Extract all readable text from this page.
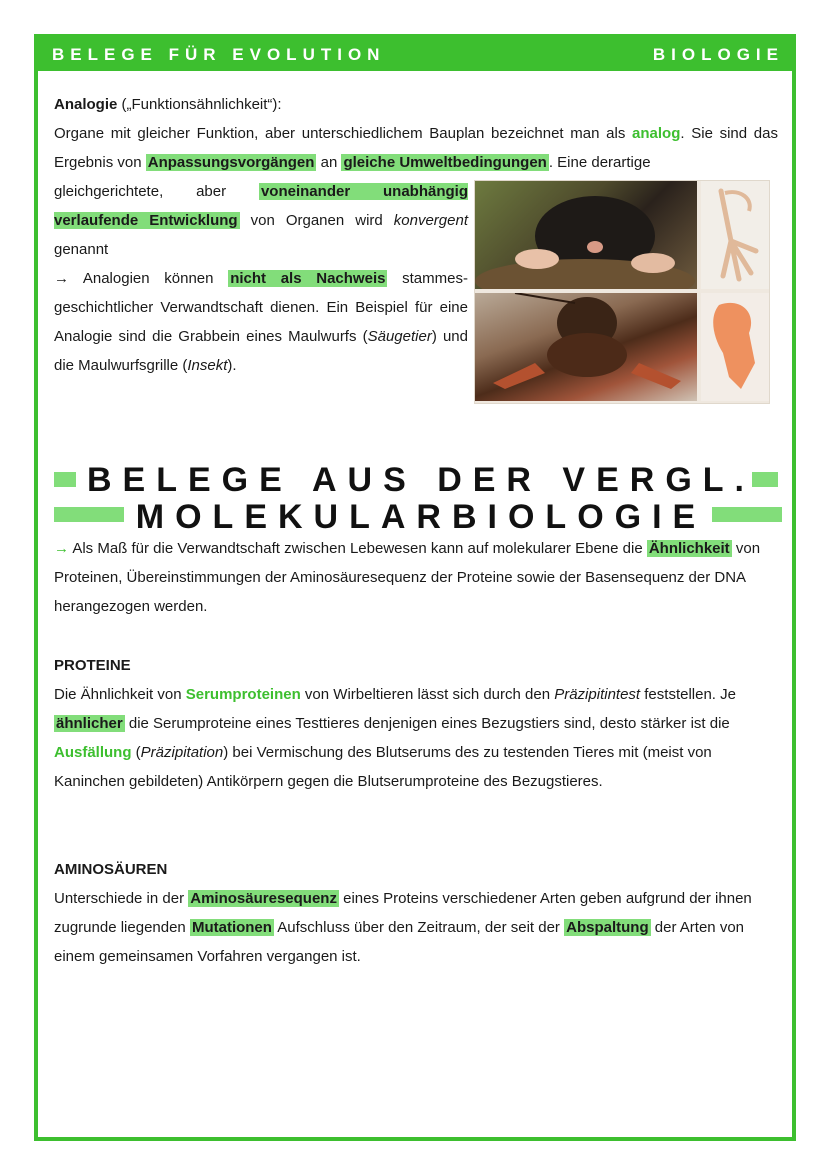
BELEGE FÜR EVOLUTION	BIOLOGIE
Analogie („Funktionsähnlichkeit“):
Organe mit gleicher Funktion, aber unterschiedlichem Bauplan bezeichnet man als analog. Sie sind das Ergebnis von Anpassungsvorgängen an gleiche Umweltbedingungen . Eine derartige
gleichgerichtete, aber voneinander unabhängig verlaufende Entwicklung von Organen wird konvergent genannt
→ Analogien können nicht als Nachweis stammesgeschichtlicher Verwandtschaft dienen. Ein Beispiel für eine Analogie sind die Grabbein eines Maulwurfs (Säugetier) und die Maulwurfsgrille (Insekt).
BELEGE AUS DER VERGL.
MOLEKULARBIOLOGIE
→ Als Maß für die Verwandtschaft zwischen Lebewesen kann auf molekularer Ebene die Ähnlichkeit von Proteinen, Übereinstimmungen der Aminosäuresequenz der Proteine sowie der Basensequenz der DNA herangezogen werden.
PROTEINE
Die Ähnlichkeit von Serumproteinen von Wirbeltieren lässt sich durch den Präzipitintest feststellen. Je ähnlicher die Serumproteine eines Testtieres denjenigen eines Bezugstiers sind, desto stärker ist die Ausfällung (Präzipitation) bei Vermischung des Blutserums des zu testenden Tieres mit (meist von Kaninchen gebildeten) Antikörpern gegen die Blutserumproteine des Bezugstieres.
AMINOSÄUREN
Unterschiede in der Aminosäuresequenz eines Proteins verschiedener Arten geben aufgrund der ihnen zugrunde liegenden Mutationen Aufschluss über den Zeitraum, der seit der Abspaltung der Arten von einem gemeinsamen Vorfahren vergangen ist.
